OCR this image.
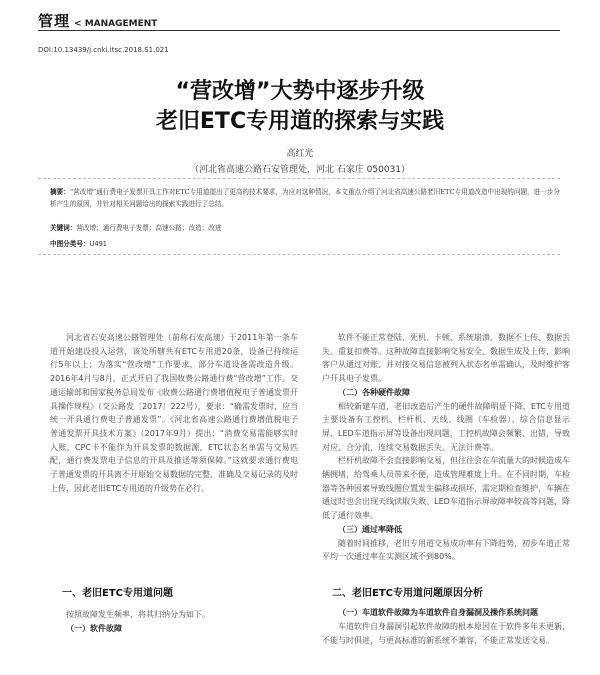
管理 < MANAGEMENT
DOI:10.13439/j.cnki.itsc.2018.S1.021
“营改增”大势中逐步升级
老旧ETC专用道的探索与实践
高红光
（河北省高速公路石安管理处，河北 石家庄 050031）
摘要：“营改增”通行费电子发票开具工作对ETC专用道提出了更高的技术要求，为应对这种情况，本文重点介绍了河北省高速公路老旧ETC专用道改造中出现的问题，进一步分析产生的原因，并针对相关问题给出的探索实践进行了总结。
关键词：营改增；通行费电子发票；高速公路；改造；改进
中图分类号：U491

河北省石安高速公路管理处（前称石安高速）于2011年第一条车道开始建设投入运营，该处所辖共有ETC专用道20条，设备已持续运行5年以上；为落实“营改增”工作要求，部分车道设备需改造升级。2016年4月与8月，正式开启了我国收费公路通行费“营改增”工作。交通运输部和国家税务总局发布《收费公路通行费增值税电子普通发票开具操作规程》（交公路发〔2017〕222号），要求：“确需发票时，应当统一开具通行费电子普通发票”。《河北省高速公路通行费增值税电子普通发票开具技术方案》（2017年9月）提出：“消费交易需能够实时入账，CPC卡不能作为开具发票的数据源，ETC状态名单需与交易匹配，通行费发票电子信息的开具及推送等须保障。”这就要求通行费电子普通发票的开具离不开原始交易数据的完整、准确及交易记录的及时上传，因此老旧ETC专用道的升级势在必行。

软件不能正常登陆、死机、卡顿、系统崩溃、数据不上传、数据丢失、重复扣费等。这种故障直接影响交易安全、数据生成及上传，影响客户从通过对账、并对接交易信息被列入状态名单需确认，及时维护客户开具电子发票。

（二）各种硬件故障

相较新建车道，老旧改造后产生的硬件故障明显下降，ETC专用道主要设备有工控机、栏杆机、天线、线圈（车检器）、综合信息显示屏、LED车道指示屏等设备出现问题，工控机故障会频繁、出错，导致对应、合分流、连续交易数据丢失、无法计费等。

栏杆机故障不会直接影响交易，但往往会在车流量大的时候造成车辆拥堵，给驾乘人员带来不便，造成管理难度上升。在不同时期，车检器等各种因素导致线圈位置发生偏移或损坏，需定期检查维护，车辆在通过时也会出现天线读取失败、LED车道指示屏故障率较高等问题，降低了通行效率。

（三）通过率降低

随着时间推移，老旧专用道交易成功率有下降趋势，初步车道正常平均一次通过率在实测区域不到80%。

一、老旧ETC专用道问题	二、老旧ETC专用道问题原因分析

按照故障发生频率，将其归纳分为如下。

（一）软件故障

（一）车道软件故障为车道软件自身漏洞及操作系统问题

车道软件自身漏洞引起软件故障的根本原因在于软件多年未更新，不能与时俱进，与更高标准的新系统不兼容，不能正常发送交易。
